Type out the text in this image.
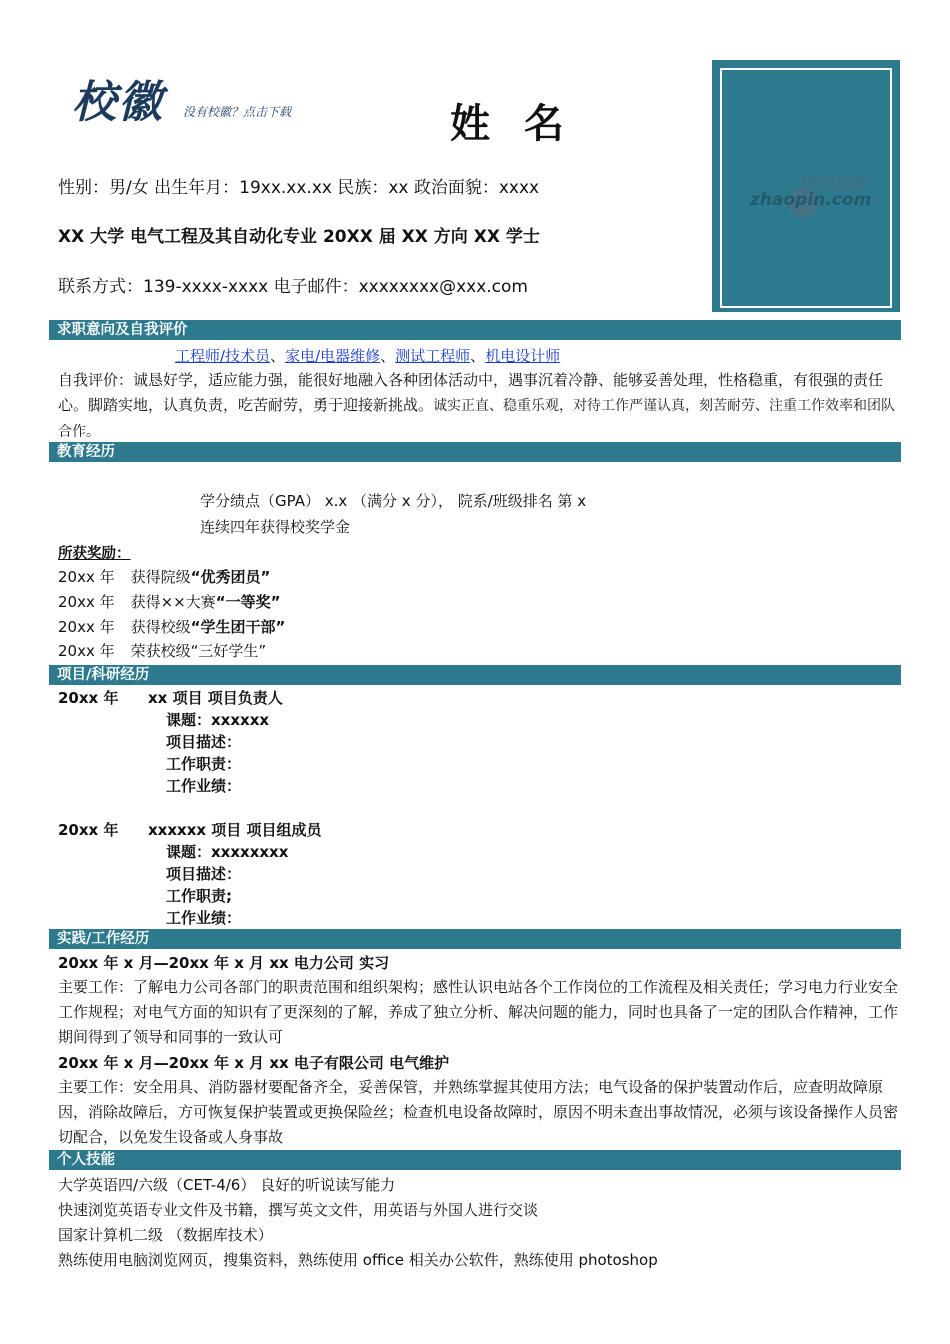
校徽 没有校徽？点击下载	姓 名
性别：男/女 出生年月：19xx.xx.xx 民族：xx 政治面貌：xxxx
XX 大学 电气工程及其自动化专业 20XX 届 XX 方向 XX 学士
联系方式：139-xxxx-xxxx 电子邮件：xxxxxxxx@xxx.com
智联招聘
zhaopin.com
求职意向及自我评价
工程师/技术员、家电/电器维修、测试工程师、机电设计师
自我评价：诚恳好学，适应能力强，能很好地融入各种团体活动中，遇事沉着冷静、能够妥善处理，性格稳重，有很强的责任心。脚踏实地，认真负责，吃苦耐劳，勇于迎接新挑战。诚实正直、稳重乐观，对待工作严谨认真，刻苦耐劳、注重工作效率和团队合作。
教育经历
学分绩点（GPA） x.x （满分 x 分）， 院系/班级排名 第 x
连续四年获得校奖学金
所获奖励：
20xx 年 获得院级“优秀团员”
20xx 年 获得××大赛“一等奖”
20xx 年 获得校级“学生团干部”
20xx 年 荣获校级“三好学生”
项目/科研经历
20xx 年 xx 项目 项目负责人
课题：xxxxxx
项目描述：
工作职责：
工作业绩：
20xx 年 xxxxxx 项目 项目组成员
课题：xxxxxxxx
项目描述：
工作职责;
工作业绩：
实践/工作经历
20xx 年 x 月—20xx 年 x 月 xx 电力公司 实习
主要工作：了解电力公司各部门的职责范围和组织架构；感性认识电站各个工作岗位的工作流程及相关责任；学习电力行业安全工作规程；对电气方面的知识有了更深刻的了解，养成了独立分析、解决问题的能力，同时也具备了一定的团队合作精神，工作期间得到了领导和同事的一致认可
20xx 年 x 月—20xx 年 x 月 xx 电子有限公司 电气维护
主要工作：安全用具、消防器材要配备齐全，妥善保管，并熟练掌握其使用方法；电气设备的保护装置动作后，应查明故障原因，消除故障后，方可恢复保护装置或更换保险丝；检查机电设备故障时，原因不明未查出事故情况，必须与该设备操作人员密切配合，以免发生设备或人身事故
个人技能
大学英语四/六级（CET-4/6） 良好的听说读写能力
快速浏览英语专业文件及书籍，撰写英文文件，用英语与外国人进行交谈
国家计算机二级 （数据库技术）
熟练使用电脑浏览网页，搜集资料，熟练使用 office 相关办公软件，熟练使用 photoshop
